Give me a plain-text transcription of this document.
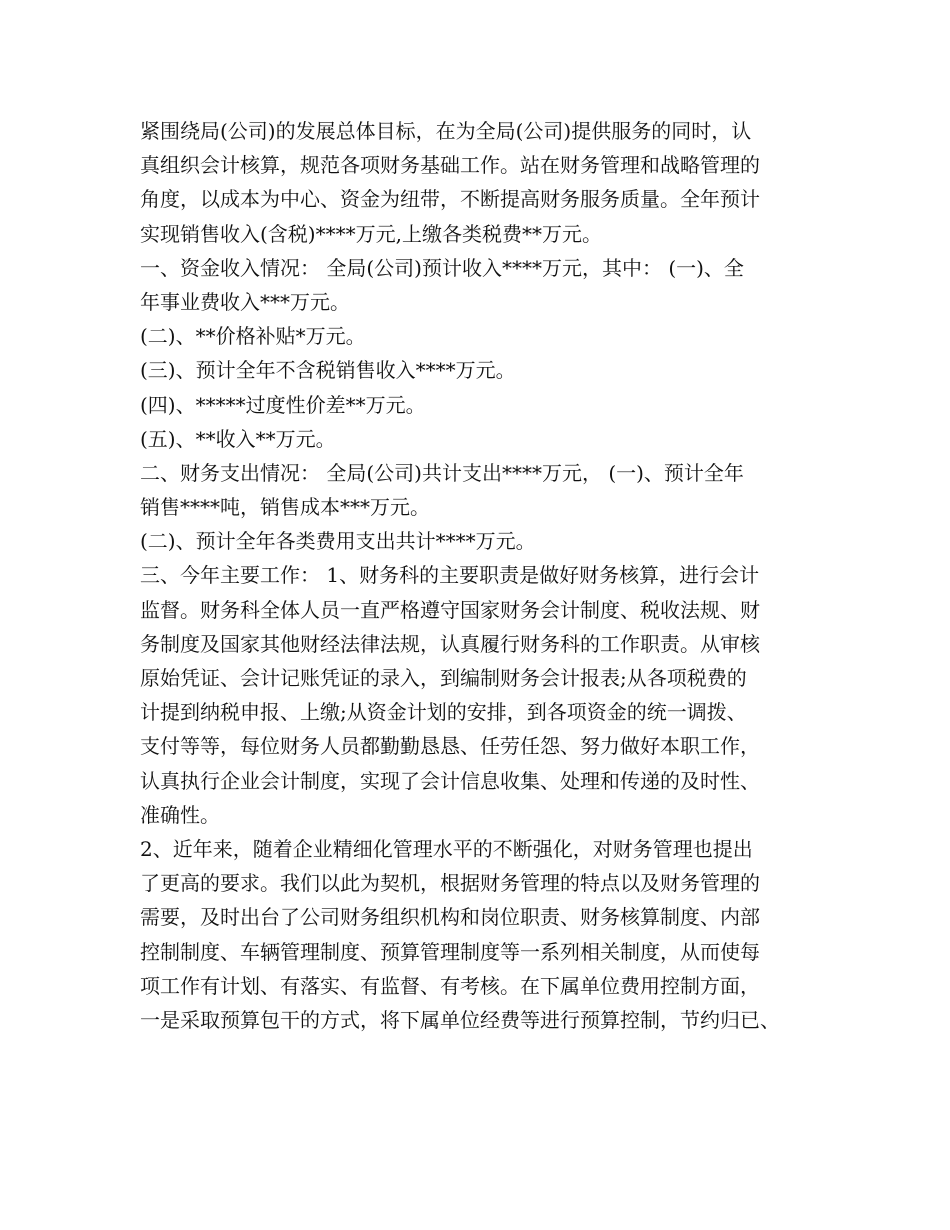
紧围绕局(公司)的发展总体目标，在为全局(公司)提供服务的同时，认

真组织会计核算，规范各项财务基础工作。站在财务管理和战略管理的

角度，以成本为中心、资金为纽带，不断提高财务服务质量。全年预计

实现销售收入(含税)****万元,上缴各类税费**万元。

一、资金收入情况： 全局(公司)预计收入****万元，其中： (一)、全

年事业费收入***万元。

(二)、**价格补贴*万元。

(三)、预计全年不含税销售收入****万元。

(四)、*****过度性价差**万元。

(五)、**收入**万元。

二、财务支出情况： 全局(公司)共计支出****万元， (一)、预计全年

销售****吨，销售成本***万元。

(二)、预计全年各类费用支出共计****万元。

三、今年主要工作： 1、财务科的主要职责是做好财务核算，进行会计

监督。财务科全体人员一直严格遵守国家财务会计制度、税收法规、财

务制度及国家其他财经法律法规，认真履行财务科的工作职责。从审核

原始凭证、会计记账凭证的录入，到编制财务会计报表;从各项税费的

计提到纳税申报、上缴;从资金计划的安排，到各项资金的统一调拨、

支付等等，每位财务人员都勤勤恳恳、任劳任怨、努力做好本职工作，

认真执行企业会计制度，实现了会计信息收集、处理和传递的及时性、

准确性。

2、近年来，随着企业精细化管理水平的不断强化，对财务管理也提出

了更高的要求。我们以此为契机，根据财务管理的特点以及财务管理的

需要，及时出台了公司财务组织机构和岗位职责、财务核算制度、内部

控制制度、车辆管理制度、预算管理制度等一系列相关制度，从而使每

项工作有计划、有落实、有监督、有考核。在下属单位费用控制方面，

一是采取预算包干的方式，将下属单位经费等进行预算控制，节约归已、
